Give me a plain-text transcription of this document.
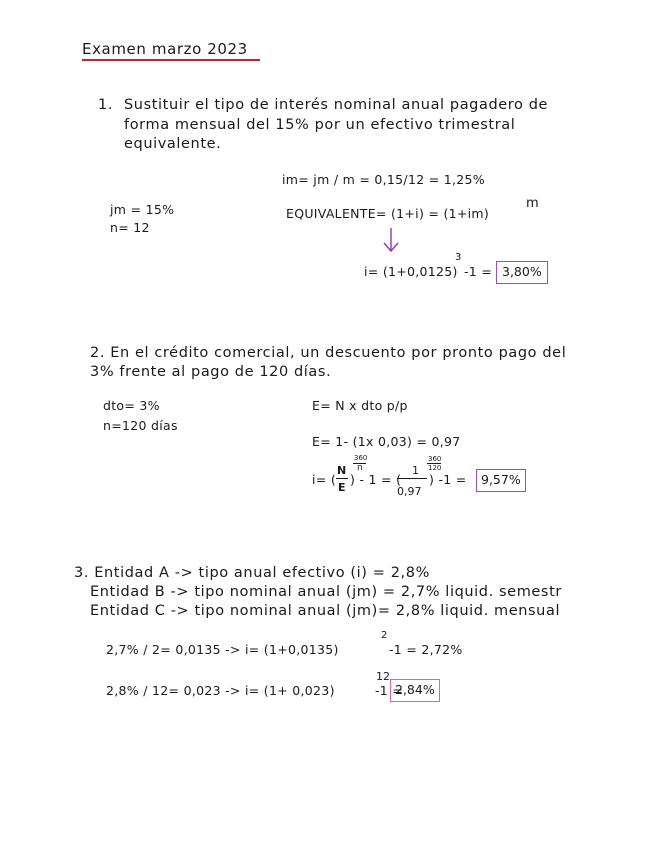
Examen marzo 2023
1. Sustituir el tipo de interés nominal anual pagadero de
forma mensual del 15% por un efectivo trimestral
equivalente.
im= jm / m = 0,15/12 = 1,25%
jm = 15%
n= 12
EQUIVALENTE= (1+i) = (1+im)
m
i= (1+0,0125)
3
-1 = 3,80%
2. En el crédito comercial, un descuento por pronto pago del
3% frente al pago de 120 días.
dto= 3%
n=120 días
E= N x dto p/p
E= 1- (1x 0,03) = 0,97
i= (
N
E
360
n
) - 1 = (
1
0,97
360
120
) -1 =	9,57%
3. Entidad A -> tipo anual efectivo (i) = 2,8%
Entidad B -> tipo nominal anual (jm) = 2,7% liquid. semestr
Entidad C -> tipo nominal anual (jm)= 2,8% liquid. mensual
2,7% / 2= 0,0135 -> i= (1+0,0135)
2
-1 = 2,72%
2,8% / 12= 0,023 -> i= (1+ 0,023)
12
-1 =
2,84%
